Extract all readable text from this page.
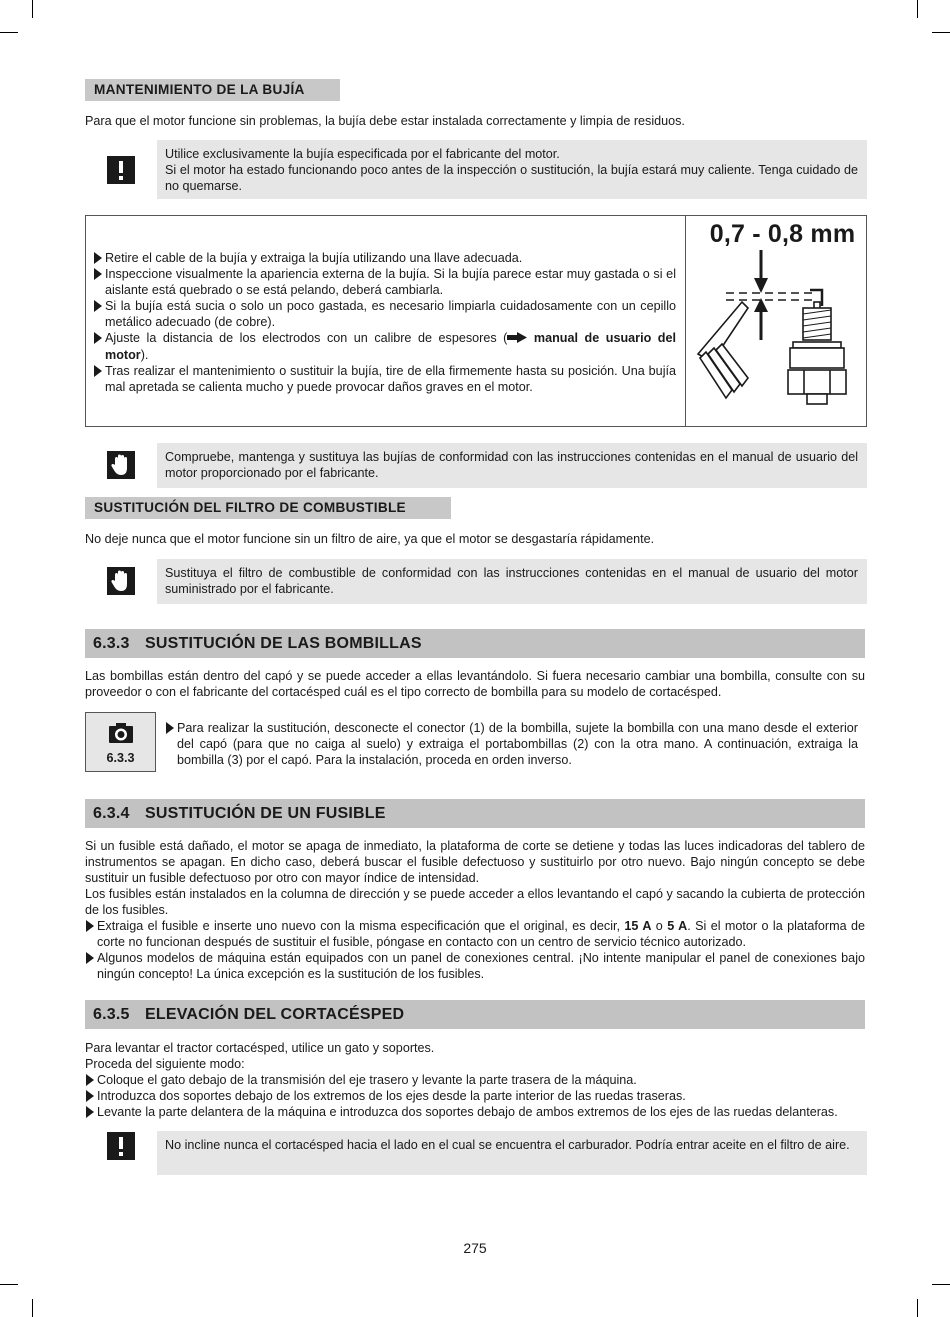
MANTENIMIENTO DE LA BUJÍA

Para que el motor funcione sin problemas, la bujía debe estar instalada correctamente y limpia de residuos.

Utilice exclusivamente la bujía especificada por el fabricante del motor.
Si el motor ha estado funcionando poco antes de la inspección o sustitución, la bujía estará muy caliente. Tenga cuidado de no quemarse.
Retire el cable de la bujía y extraiga la bujía utilizando una llave adecuada.
Inspeccione visualmente la apariencia externa de la bujía. Si la bujía parece estar muy gastada o si el aislante está quebrado o se está pelando, deberá cambiarla.
Si la bujía está sucia o solo un poco gastada, es necesario limpiarla cuidadosamente con un cepillo metálico adecuado (de cobre).
Ajuste la distancia de los electrodos con un calibre de espesores ( manual de usuario del motor).
Tras realizar el mantenimiento o sustituir la bujía, tire de ella firmemente hasta su posición. Una bujía mal apretada se calienta mucho y puede provocar daños graves en el motor.
0,7 - 0,8 mm
Compruebe, mantenga y sustituya las bujías de conformidad con las instrucciones contenidas en el manual de usuario del motor proporcionado por el fabricante.
SUSTITUCIÓN DEL FILTRO DE COMBUSTIBLE

No deje nunca que el motor funcione sin un filtro de aire, ya que el motor se desgastaría rápidamente.

Sustituya el filtro de combustible de conformidad con las instrucciones contenidas en el manual de usuario del motor suministrado por el fabricante.
6.3.3 SUSTITUCIÓN DE LAS BOMBILLAS

Las bombillas están dentro del capó y se puede acceder a ellas levantándolo. Si fuera necesario cambiar una bombilla, consulte con su proveedor o con el fabricante del cortacésped cuál es el tipo correcto de bombilla para su modelo de cortacésped.

6.3.3
Para realizar la sustitución, desconecte el conector (1) de la bombilla, sujete la bombilla con una mano desde el exterior del capó (para que no caiga al suelo) y extraiga el portabombillas (2) con la otra mano. A continuación, extraiga la bombilla (3) por el capó. Para la instalación, proceda en orden inverso.
6.3.4 SUSTITUCIÓN DE UN FUSIBLE
Si un fusible está dañado, el motor se apaga de inmediato, la plataforma de corte se detiene y todas las luces indicadoras del tablero de instrumentos se apagan. En dicho caso, deberá buscar el fusible defectuoso y sustituirlo por otro nuevo. Bajo ningún concepto se debe sustituir un fusible defectuoso por otro con mayor índice de intensidad.
Los fusibles están instalados en la columna de dirección y se puede acceder a ellos levantando el capó y sacando la cubierta de protección de los fusibles.
Extraiga el fusible e inserte uno nuevo con la misma especificación que el original, es decir, 15 A o 5 A. Si el motor o la plataforma de corte no funcionan después de sustituir el fusible, póngase en contacto con un centro de servicio técnico autorizado.
Algunos modelos de máquina están equipados con un panel de conexiones central. ¡No intente manipular el panel de conexiones bajo ningún concepto! La única excepción es la sustitución de los fusibles.
6.3.5 ELEVACIÓN DEL CORTACÉSPED
Para levantar el tractor cortacésped, utilice un gato y soportes.
Proceda del siguiente modo:
Coloque el gato debajo de la transmisión del eje trasero y levante la parte trasera de la máquina.
Introduzca dos soportes debajo de los extremos de los ejes desde la parte interior de las ruedas traseras.
Levante la parte delantera de la máquina e introduzca dos soportes debajo de ambos extremos de los ejes de las ruedas delanteras.
No incline nunca el cortacésped hacia el lado en el cual se encuentra el carburador. Podría entrar aceite en el filtro de aire.
275
